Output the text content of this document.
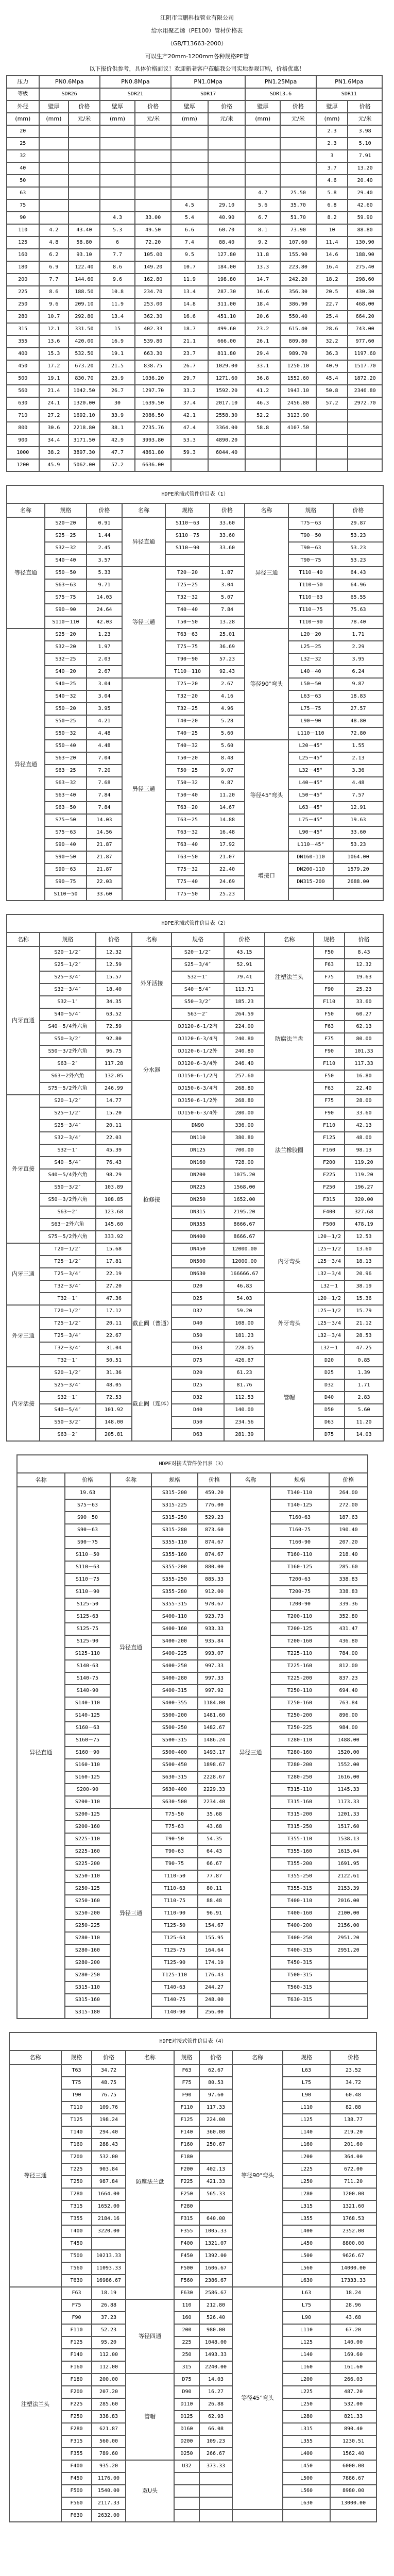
江阴市宝鹏科技管业有限公司

给水用聚乙烯（PE100）管材价格表

（GB/T13663-2000）

可以生产20mm-1200mm各种规格PE管

以下报价供参考，具体价格面议！欢迎新老客户莅临我公司实地参观订购，价格优惠！

压力	PN0.6Mpa		PN0.8Mpa		PN1.0Mpa		PN1.25Mpa		PN1.6Mpa	
等级	SDR26		SDR21		SDR17		SDR13.6		SDR11	
外径	壁厚	价格	壁厚	价格	壁厚	价格	壁厚	价格	壁厚	价格
(mm)	(mm)	元/米	(mm)	元/米	(mm)	元/米	(mm)	元/米	(mm)	元/米
20									2.3	3.98
25									2.3	5.10
32									3	7.91
40									3.7	13.20
50									4.6	20.40
63							4.7	25.50	5.8	29.40
75					4.5	29.10	5.6	35.70	6.8	42.60
90			4.3	33.00	5.4	40.90	6.7	51.70	8.2	59.90
110	4.2	43.40	5.3	49.50	6.6	60.70	8.1	73.90	10	88.80
125	4.8	58.80	6	72.20	7.4	88.40	9.2	107.60	11.4	130.90
160	6.2	93.10	7.7	105.00	9.5	127.80	11.8	155.90	14.6	188.90
180	6.9	122.40	8.6	149.20	10.7	184.00	13.3	223.80	16.4	275.40
200	7.7	144.60	9.6	162.80	11.9	198.80	14.7	242.20	18.2	298.60
225	8.6	188.50	10.8	234.70	13.4	287.30	16.6	356.30	20.5	430.30
250	9.6	209.10	11.9	253.00	14.8	311.00	18.4	386.90	22.7	468.00
280	10.7	292.80	13.4	362.30	16.6	451.10	20.6	550.40	25.4	664.20
315	12.1	331.50	15	402.33	18.7	499.60	23.2	615.40	28.6	743.00
355	13.6	420.00	16.9	539.80	21.1	666.00	26.1	809.80	32.2	977.60
400	15.3	532.50	19.1	663.30	23.7	811.80	29.4	989.70	36.3	1197.60
450	17.2	673.20	21.5	838.75	26.7	1029.00	33.1	1250.10	40.9	1517.70
500	19.1	830.70	23.9	1036.20	29.7	1271.60	36.8	1552.60	45.4	1872.20
560	21.4	1042.50	26.7	1297.70	33.2	1592.20	41.2	1943.10	50.8	2346.80
630	24.1	1320.00	30	1639.50	37.4	2017.10	46.3	2456.80	57.2	2972.70
710	27.2	1692.10	33.9	2086.50	42.1	2558.30	52.2	3123.90		
800	30.6	2218.80	38.1	2735.76	47.4	3364.00	58.8	4107.50		
900	34.4	3171.50	42.9	3993.80	53.3	4890.20				
1000	38.2	3897.30	47.7	4861.80	59.3	6044.40				
1200	45.9	5062.00	57.2	6636.00						
HDPE承插式管件价目表（1）								
名称	规格	价格	名称	规格	价格	名称	规格	价格
等径直通	S20－20	0.91	异径直通	S110－63	33.60	异径三通	T75－63	29.87
	S25－25	1.44		S110－75	33.60		T90－50	53.23
	S32－32	2.45		S110－90	33.60		T90－63	53.23
	S40－40	3.57					T90－75	53.23
	S50－50	5.33	等径三通	T20－20	1.87		T110－40	64.43
	S63－63	9.71		T25－25	3.04		T110－50	64.96
	S75－75	14.03		T32－32	5.07		T110－63	65.55
	S90－90	24.64		T40－40	7.84		T110－75	75.63
	S110－110	42.03		T50－50	13.28		T110－90	78.40
异径直通	S25－20	1.23		T63－63	25.01	等径90°弯头	L20－20	1.71
	S32－20	1.97		T75－75	36.69		L25－25	2.29
	S32－25	2.03		T90－90	57.23		L32－32	3.95
	S40－20	2.67		T110－110	92.43		L40－40	6.24
	S40－25	3.04	异径三通	T25－20	2.67		L50－50	9.87
	S40－32	3.04		T32－20	4.16		L63－63	18.83
	S50－20	3.95		T32－25	4.96		L75－75	27.57
	S50－25	4.21		T40－20	5.28		L90－90	48.80
	S50－32	4.48		T40－25	5.60		L110－110	72.80
	S50－40	4.48		T40－32	5.60	等径45°弯头	L20－45°	1.55
	S63－20	7.04		T50－20	8.48		L25－45°	2.13
	S63－25	7.20		T50－25	9.07		L32－45°	3.36
	S63－32	7.68		T50－32	9.87		L40－45°	4.48
	S63－40	7.84		T50－40	11.20		L50－45°	7.57
	S63－50	7.84		T63－20	14.67		L63－45°	12.91
	S75－50	14.03		T63－25	14.88		L75－45°	19.63
	S75－63	14.56		T63－32	16.48		L90－45°	33.60
	S90－40	21.87		T63－40	17.92		L110－45°	53.23
	S90－50	21.87		T63－50	21.07	增接口	DN160-110	1064.00
	S90－63	21.87		T75－32	22.40		DN200-110	1579.20
	S90－75	22.03		T75－40	24.69		DN315-200	2688.00
	S110－50	33.60		T75－50	25.23			
HDPE承插式管件价目表（2）								
名称	规格	价格	名称	规格	价格	名称	规格	价格
内牙直通	S20－1/2″	12.32	外牙活接	S20－1/2″	43.15	注塑法兰头	F50	8.43
	S25－1/2″	12.59		S25－3/4″	52.91		F63	12.32
	S25－3/4″	15.57		S32－1″	79.41		F75	19.63
	S32－3/4″	18.40		S40－5/4″	113.71		F90	25.23
	S32－1″	34.35		S50－3/2″	185.23		F110	33.60
	S40－5/4″	63.52		S63－2″	264.59	防腐法兰盘	F50	60.27
	S40－5/4外六角	72.59	分水器	DJ120-6-1/2内	224.00		F63	62.13
	S50－3/2″	92.80		DJ120-6-3/4内	240.80		F75	80.00
	S50－3/2外六角	96.75		DJ120-6-1/2外	240.80		F90	101.33
	S63－2″	117.28		DJ120-6-3/4外	246.40		F110	117.33
	S63－2外六角	132.05		DJ150-6-1/2内	257.60	法兰橡胶圈	F50	16.80
	S75－5/2外六角	246.99		DJ150-6-3/4内	268.80		F63	22.40
外牙直接	S20－1/2″	14.77		DJ150-6-1/2外	268.80		F75	28.00
	S25－1/2″	15.20		DJ150-6-3/4外	280.00		F90	33.60
	S25－3/4″	20.11	抢修接	DN90	336.00		F110	42.13
	S32－3/4″	22.03		DN110	380.80		F125	48.00
	S32－1″	45.39		DN125	700.00		F160	98.13
	S40－5/4″	76.43		DN160	728.00		F200	119.20
	S40－5/4外六角	98.29		DN200	1075.20		F225	119.20
	S50－3/2″	103.89		DN225	1568.00		F250	196.27
	S50－3/2外六角	108.85		DN250	1652.00		F315	320.00
	S63－2″	123.68		DN315	2195.20		F400	327.68
	S63－2外六角	145.60		DN355	8666.67		F500	478.19
	S75－5/2外六角	333.92		DN400	8666.67	内牙弯头	L20－1/2	12.53
内牙三通	T20－1/2″	15.68		DN450	12000.00		L25－1/2	13.60
	T25－1/2″	17.81		DN500	12000.00		L25－3/4	18.13
	T25－3/4″	22.19		DN630	166666.67		L32－3/4	20.96
	T32－3/4″	27.20	截止阀（普通）	D20	46.83		L32－1	38.19
	T32－1″	47.36		D25	54.03	外牙弯头	L20－1/2	15.36
外牙三通	T20－1/2″	17.12		D32	59.20		L25－1/2	15.79
	T25－1/2″	20.11		D40	108.00		L25－3/4	21.12
	T25－3/4″	22.67		D50	181.23		L32－3/4	28.53
	T32－3/4″	31.04		D63	228.05		L32－1	47.25
	T32－1″	50.51		D75	426.67	管帽	D20	0.85
内牙活接	S20－1/2″	31.36	截止阀（连体）	D20	61.23		D25	1.39
	S25－3/4″	48.05		D25	81.76		D32	1.71
	S32－1″	72.53		D32	112.53		D40	2.83
	S40－5/4″	101.92		D40	140.00		D50	5.60
	S50－3/2″	148.00		D50	234.56		D63	11.20
	S63－2″	205.81		D63	281.39		D75	14.03
HDPE对接式管件价目表（3）							
名称	价格	名称	规格	价格	名称	规格	价格
异径直通	19.63	异径直通	S315-200	459.20	异径三通	T140-110	264.00
	S75－63		S315-225	776.00		T140-125	272.00
	S90－50		S315-250	529.23		T160-63	187.63
	S90－63		S315-280	873.60		T160-75	190.40
	S90－75		S355-110	874.67		T160-90	207.20
	S110－50		S355-160	874.67		T160-110	218.40
	S110－63		S355-200	880.00		T160-125	285.60
	S110－75		S355-250	885.33		T200-63	338.83
	S110－90		S355-280	912.00		T200-75	338.83
	S125-50		S355-315	970.67		T200-90	339.36
	S125-63		S400-110	923.73		T200-110	352.80
	S125-75		S400-160	933.33		T200-125	431.47
	S125-90		S400-200	935.84		T200-160	436.80
	S125-110		S400-225	993.07		T225-110	784.00
	S140-63		S400-250	997.33		T225-160	812.00
	S140-75		S400-280	997.33		T225-200	837.23
	S140-90		S400-315	997.92		T250-110	694.40
	S140-110		S400-355	1184.00		T250-160	763.84
	S140-125		S500-200	1481.60		T250-200	896.00
	S160－63		S500-250	1482.67		T250-225	984.00
	S160－75		S500-315	1486.24		T280-110	1488.00
	S160－90		S500-400	1493.17		T280-160	1520.00
	S160-110		S500-450	1898.67		T280-200	1552.00
	S160-125		S630-315	2228.67		T280-250	1616.00
	S200-90		S630-400	2229.33		T315-110	1145.33
	S200-110		S630-500	2234.40		T315-160	1173.33
	S200-125	异径三通	T75-50	35.68		T315-200	1201.33
	S200-160		T75-63	43.68		T315-250	1517.60
	S225-110		T90-50	54.35		T355-110	1538.13
	S225-160		T90-63	64.43		T355-160	1615.04
	S225-200		T90-75	66.67		T355-200	1691.95
	S250-110		T110-50	77.87		T355-250	2122.61
	S250-125		T110-63	80.11		T355-315	2153.39
	S250-160		T110-75	88.48		T400-110	2016.00
	S250-200		T110-90	96.91		T400-160	2100.00
	S250-225		T125-50	154.67		T400-200	2156.00
	S280-110		T125-63	155.95		T400-250	2951.20
	S280-160		T125-75	164.64		T400-315	2951.20
	S280-200		T125-90	174.19		T450-315	
	S280-250		T125-110	176.43		T500-315	
	S315-110		T140-63	244.27		T560-315	
	S315-160		T140-75	248.00		T630-315	
	S315-180		T140-90	256.00			
HDPE对接式管件价目表（4）								
名称	规格	价格	名称	规格	价格	名称	规格	价格
等径三通	T63	34.72	防腐法兰盘	F63	62.67	等径90°弯头	L63	23.52
	T75	48.75		F75	80.53		L75	34.72
	T90	76.75		F90	97.60		L90	60.48
	T110	109.76		F110	117.33		L110	82.88
	T125	198.24		F125	224.00		L125	138.77
	T140	294.40		F140	360.00		L140	219.20
	T160	288.43		F160	250.67		L160	201.60
	T200	532.00		F180			L200	364.00
	T225	903.84		F200	402.13		L225	672.00
	T250	987.84		F225	421.33		L250	711.20
	T280	1664.00		F250	565.33		L280	1200.00
	T315	1652.00		F280			L315	1321.60
	T355	2184.16		F315	640.00		L355	1768.53
	T400	3220.00		F355	1005.33		L400	2352.00
	T450			F400	1321.07		L450	8800.00
	T500	10213.33		F450	1392.00		L500	9626.67
	T560	11093.33		F500	1606.67		L560	14000.00
	T630	16986.67		F560	2386.67		L630	17333.33
注塑法兰头	F63	18.19		F630	2586.67	等径45°弯头	L63	18.24
	F75	26.88	等径四通	110	212.80		L75	28.96
	F90	37.23		160	526.40		L90	43.68
	F110	52.23		200	980.00		L110	67.20
	F125	95.20		225	1048.00		L125	140.00
	F140	112.00		250	1493.33		L140	169.60
	F160	112.00		315	2240.00		L160	161.60
	F180	200.00	管帽	D75	14.03		L200	266.03
	F200	207.20		D90	16.27		L225	487.20
	F225	285.60		D110	26.88		L250	532.00
	F250	338.83		D125	62.93		L280	821.33
	F280	621.87		D160	66.08		L315	890.40
	F315	560.00		D200	109.23		L355	1230.51
	F355	789.60		D250	266.67		L400	1562.40
	F400	935.20	双U头	U32	373.33		L450	6000.00
	F450	1176.00					L500	7886.67
	F500	1540.00					L560	8980.00
	F560	2117.33					L630	13000.00
	F630	2632.00						
